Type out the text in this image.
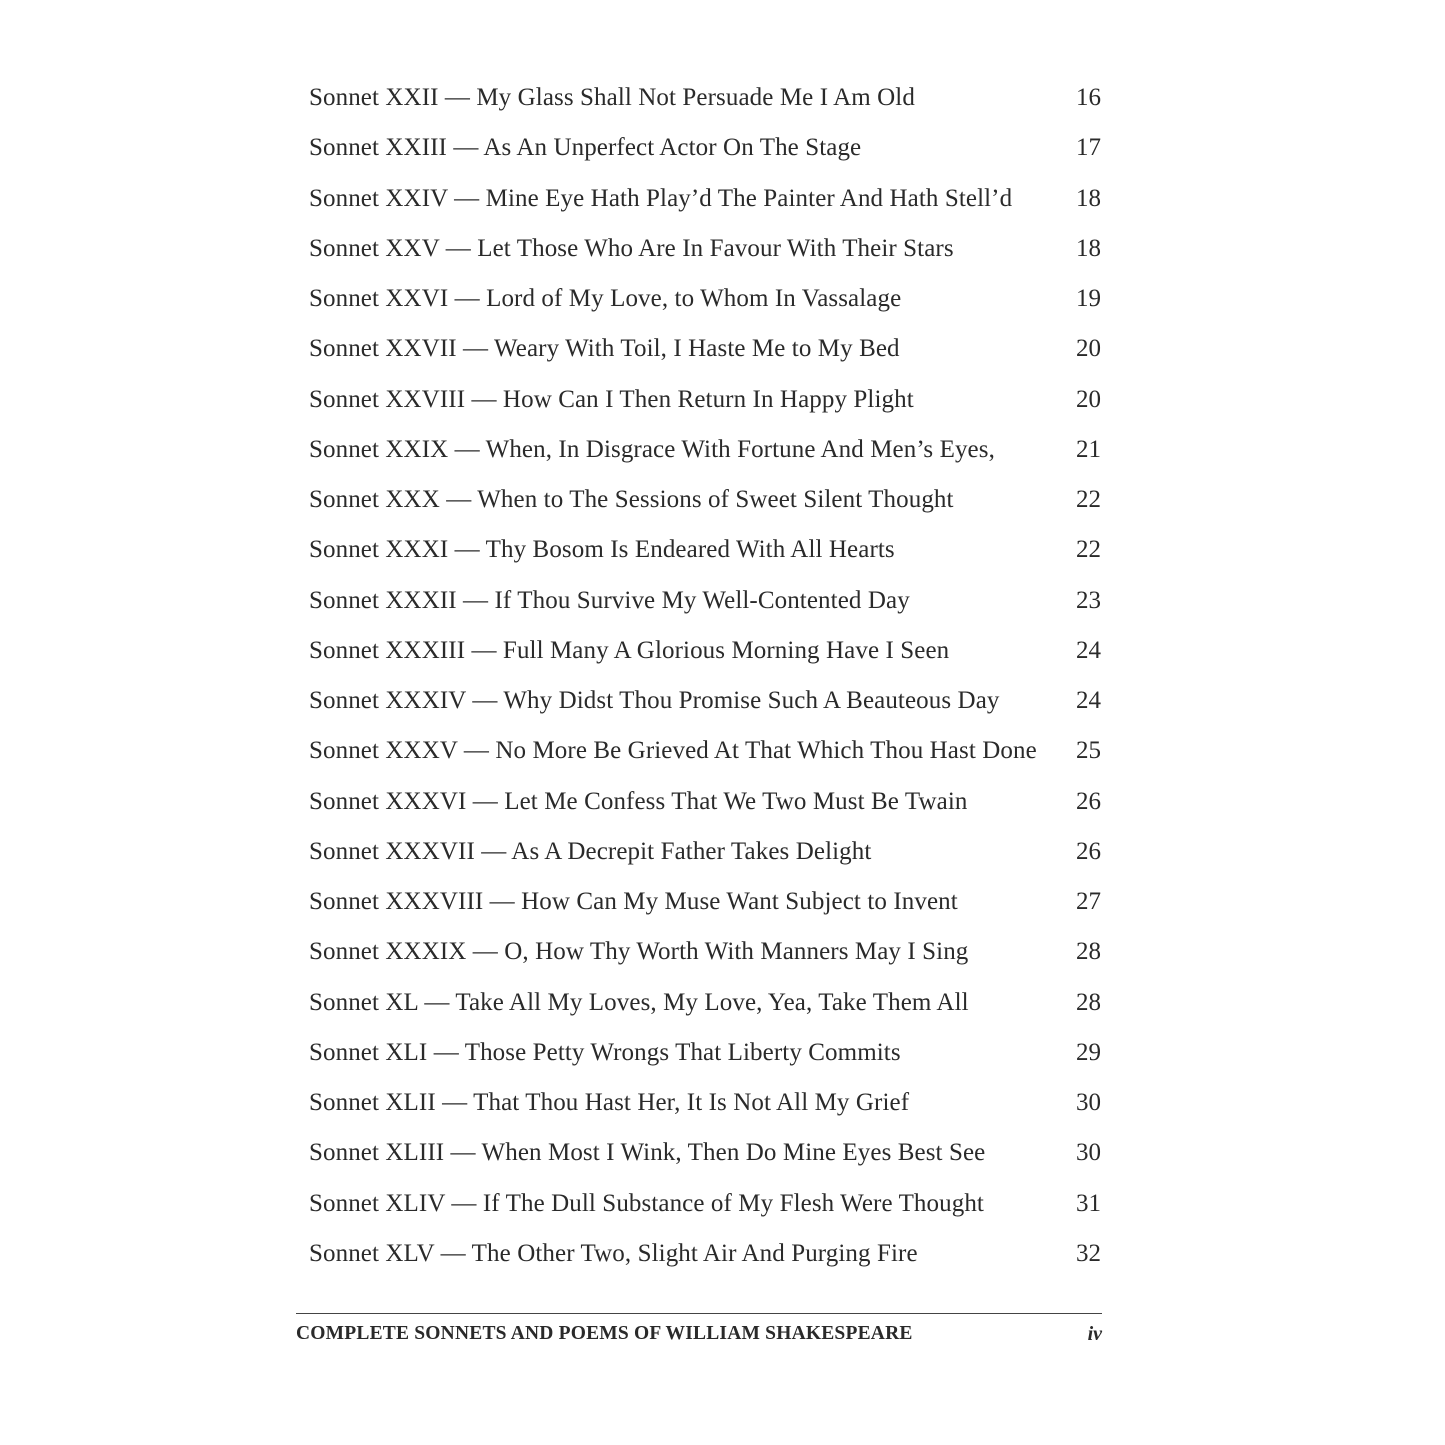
Sonnet XXII — My Glass Shall Not Persuade Me I Am Old	16
Sonnet XXIII — As An Unperfect Actor On The Stage	17
Sonnet XXIV — Mine Eye Hath Play’d The Painter And Hath Stell’d	18
Sonnet XXV — Let Those Who Are In Favour With Their Stars	18
Sonnet XXVI — Lord of My Love, to Whom In Vassalage	19
Sonnet XXVII — Weary With Toil, I Haste Me to My Bed	20
Sonnet XXVIII — How Can I Then Return In Happy Plight	20
Sonnet XXIX — When, In Disgrace With Fortune And Men’s Eyes,	21
Sonnet XXX — When to The Sessions of Sweet Silent Thought	22
Sonnet XXXI — Thy Bosom Is Endeared With All Hearts	22
Sonnet XXXII — If Thou Survive My Well-Contented Day	23
Sonnet XXXIII — Full Many A Glorious Morning Have I Seen	24
Sonnet XXXIV — Why Didst Thou Promise Such A Beauteous Day	24
Sonnet XXXV — No More Be Grieved At That Which Thou Hast Done 25
Sonnet XXXVI — Let Me Confess That We Two Must Be Twain	26
Sonnet XXXVII — As A Decrepit Father Takes Delight	26
Sonnet XXXVIII — How Can My Muse Want Subject to Invent	27
Sonnet XXXIX — O, How Thy Worth With Manners May I Sing	28
Sonnet XL — Take All My Loves, My Love, Yea, Take Them All	28
Sonnet XLI — Those Petty Wrongs That Liberty Commits	29
Sonnet XLII — That Thou Hast Her, It Is Not All My Grief	30
Sonnet XLIII — When Most I Wink, Then Do Mine Eyes Best See	30
Sonnet XLIV — If The Dull Substance of My Flesh Were Thought	31
Sonnet XLV — The Other Two, Slight Air And Purging Fire	32
COMPLETE SONNETS AND POEMS OF WILLIAM SHAKESPEARE	iv
